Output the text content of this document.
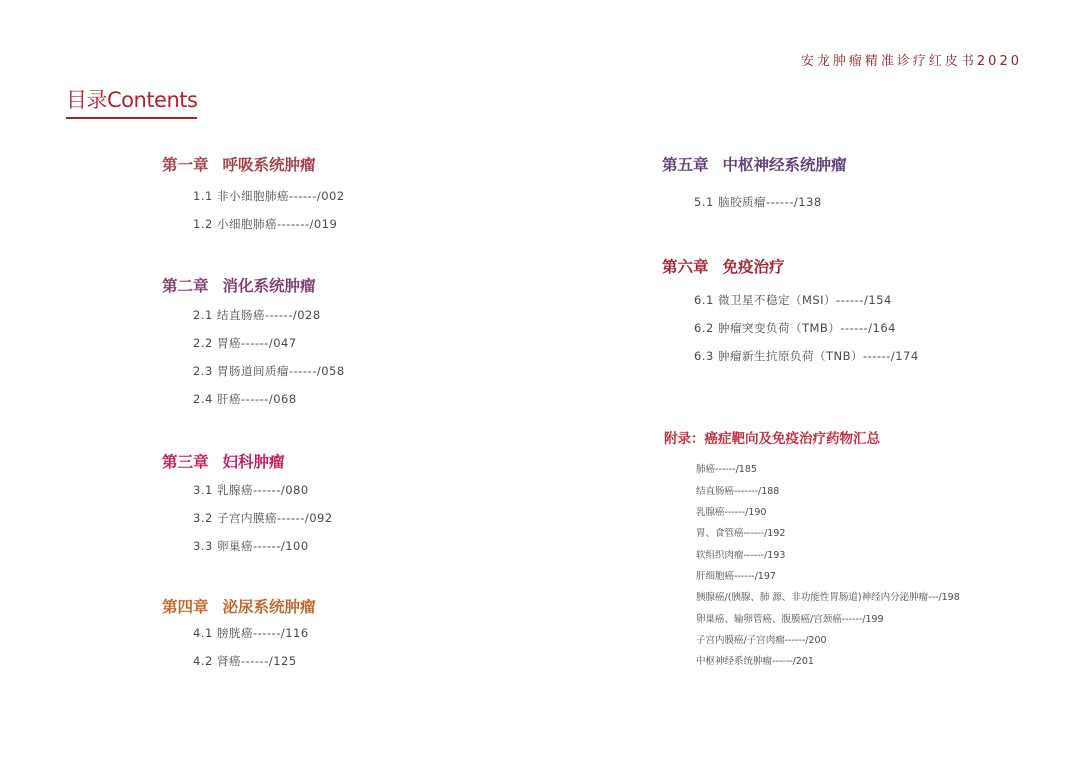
安龙肿瘤精准诊疗红皮书2020
目录Contents
第一章 呼吸系统肿瘤
1.1 非小细胞肺癌------/002
1.2 小细胞肺癌-------/019
第二章 消化系统肿瘤
2.1 结直肠癌------/028
2.2 胃癌------/047
2.3 胃肠道间质瘤------/058
2.4 肝癌------/068
第三章 妇科肿瘤
3.1 乳腺癌------/080
3.2 子宫内膜癌------/092
3.3 卵巢癌------/100
第四章 泌尿系统肿瘤
4.1 膀胱癌------/116
4.2 肾癌------/125
第五章 中枢神经系统肿瘤
5.1 脑胶质瘤------/138
第六章 免疫治疗
6.1 微卫星不稳定（MSI）------/154
6.2 肿瘤突变负荷（TMB）------/164
6.3 肿瘤新生抗原负荷（TNB）------/174
附录：癌症靶向及免疫治疗药物汇总
肺癌------/185
结直肠癌-------/188
乳腺癌------/190
胃、食管癌------/192
软组织肉瘤------/193
肝细胞癌------/197
胰腺癌/(胰腺、肺 源、非功能性胃肠道)神经内分泌肿瘤---/198
卵巢癌、输卵管癌、腹膜癌/宫颈癌------/199
子宫内膜癌/子宫肉瘤------/200
中枢神经系统肿瘤------/201
